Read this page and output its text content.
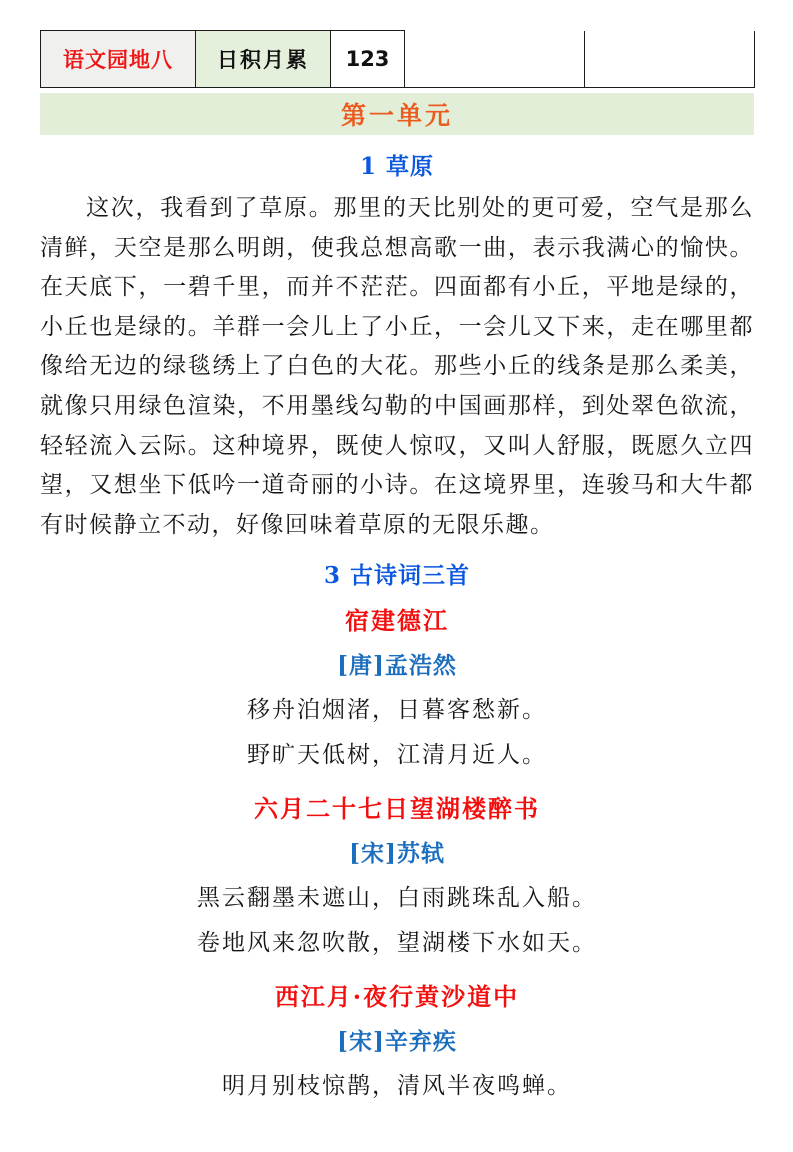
语文园地八	日积月累	123		
第一单元
1 草原

这次，我看到了草原。那里的天比别处的更可爱，空气是那么清鲜，天空是那么明朗，使我总想高歌一曲，表示我满心的愉快。在天底下，一碧千里，而并不茫茫。四面都有小丘，平地是绿的，小丘也是绿的。羊群一会儿上了小丘，一会儿又下来，走在哪里都像给无边的绿毯绣上了白色的大花。那些小丘的线条是那么柔美，就像只用绿色渲染，不用墨线勾勒的中国画那样，到处翠色欲流，轻轻流入云际。这种境界，既使人惊叹，又叫人舒服，既愿久立四望，又想坐下低吟一道奇丽的小诗。在这境界里，连骏马和大牛都有时候静立不动，好像回味着草原的无限乐趣。

3 古诗词三首
宿建德江
[唐]孟浩然
移舟泊烟渚，日暮客愁新。
野旷天低树，江清月近人。
六月二十七日望湖楼醉书
[宋]苏轼
黑云翻墨未遮山，白雨跳珠乱入船。
卷地风来忽吹散，望湖楼下水如天。
西江月·夜行黄沙道中
[宋]辛弃疾
明月别枝惊鹊，清风半夜鸣蝉。
